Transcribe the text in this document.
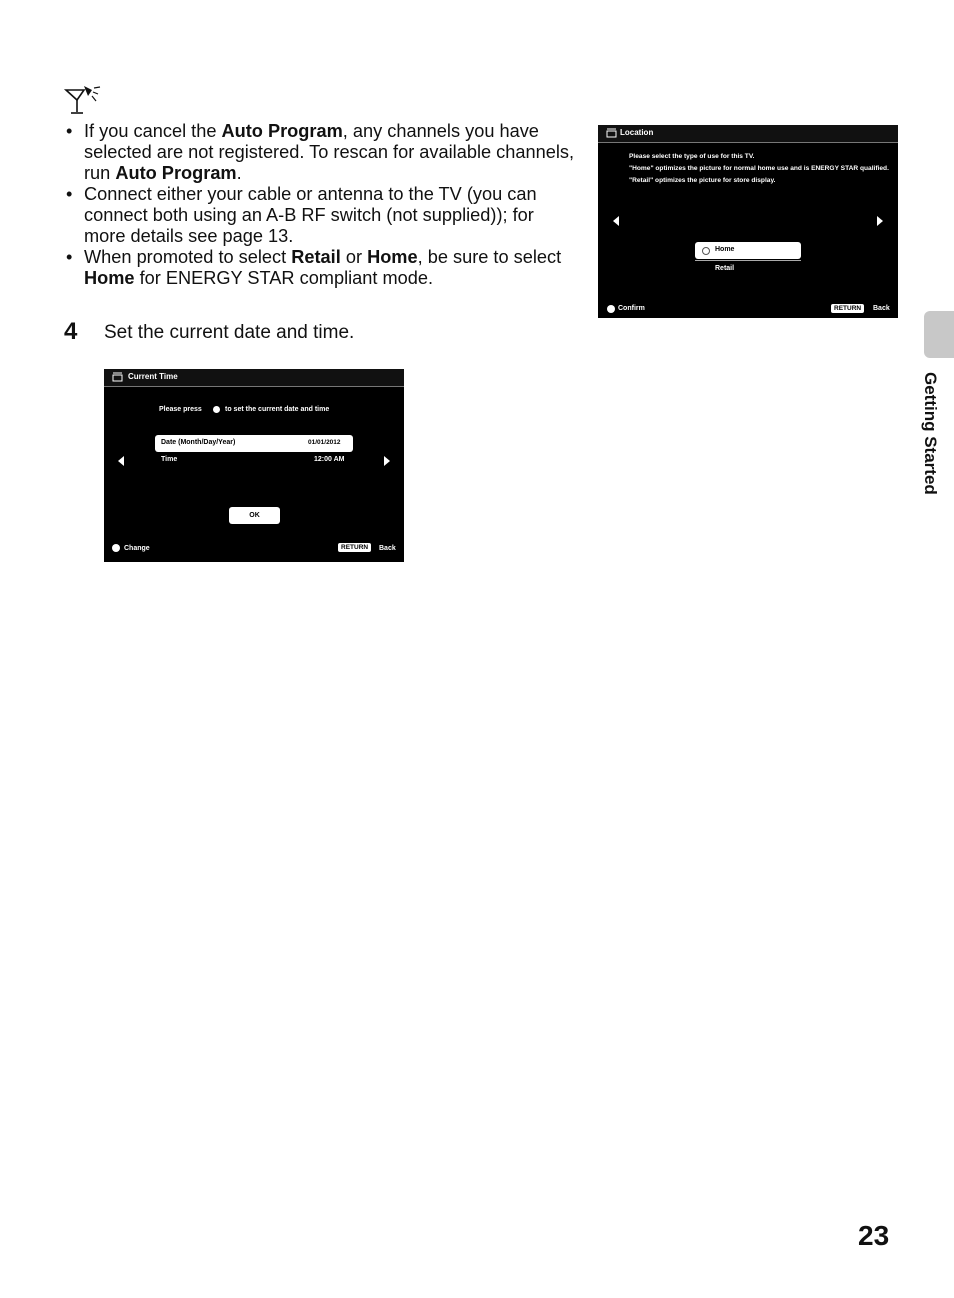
• If you cancel the Auto Program, any channels you have selected are not registered. To rescan for available channels, run Auto Program.
• Connect either your cable or antenna to the TV (you can connect both using an A-B RF switch (not supplied)); for more details see page 13.
• When promoted to select Retail or Home, be sure to select Home for ENERGY STAR compliant mode.
4 Set the current date and time.
Location
Please select the type of use for this TV.
"Home" optimizes the picture for normal home use and is ENERGY STAR qualified.
"Retail" optimizes the picture for store display.
Home
Retail
Confirm	RETURN	Back
Current Time
Please press	to set the current date and time
Date (Month/Day/Year)	01/01/2012
Time	12:00 AM
OK
Change	RETURN	Back
Getting Started
23
